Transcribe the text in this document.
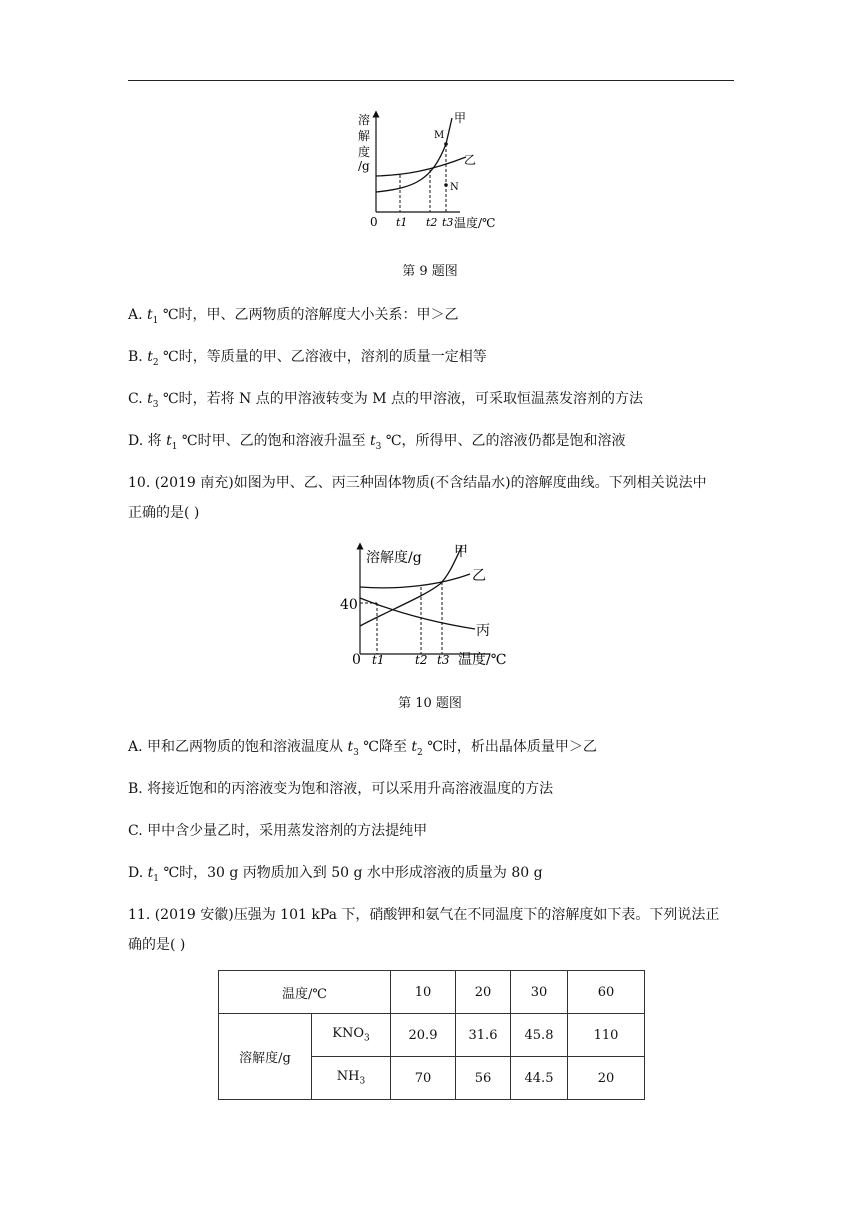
溶
解
度
/g
0
M
N
甲
乙
t1 t2 t3 温度/℃
第 9 题图
A. $t_1$ ℃时，甲、乙两物质的溶解度大小关系：甲＞乙
B. $t_2$ ℃时，等质量的甲、乙溶液中，溶剂的质量一定相等
C. $t_3$ ℃时，若将 N 点的甲溶液转变为 M 点的甲溶液，可采取恒温蒸发溶剂的方法
D. 将 $t_1$ ℃时甲、乙的饱和溶液升温至 $t_3$ ℃，所得甲、乙的溶液仍都是饱和溶液
10. (2019 南充)如图为甲、乙、丙三种固体物质(不含结晶水)的溶解度曲线。下列相关说法中
正确的是( )
溶解度/g
40
0
甲
乙
丙
t1	t2 t3 温度/℃
第 10 题图
A. 甲和乙两物质的饱和溶液温度从 $t_3$ ℃降至 $t_2$ ℃时，析出晶体质量甲＞乙
B. 将接近饱和的丙溶液变为饱和溶液，可以采用升高溶液温度的方法
C. 甲中含少量乙时，采用蒸发溶剂的方法提纯甲
D. $t_1$ ℃时，30 g 丙物质加入到 50 g 水中形成溶液的质量为 80 g
11. (2019 安徽)压强为 101 kPa 下，硝酸钾和氨气在不同温度下的溶解度如下表。下列说法正
确的是( )
温度/℃		10	20	30	60
溶解度/g	$KNO_3$	20.9	31.6	45.8	110
	$NH_3$	70	56	44.5	20
